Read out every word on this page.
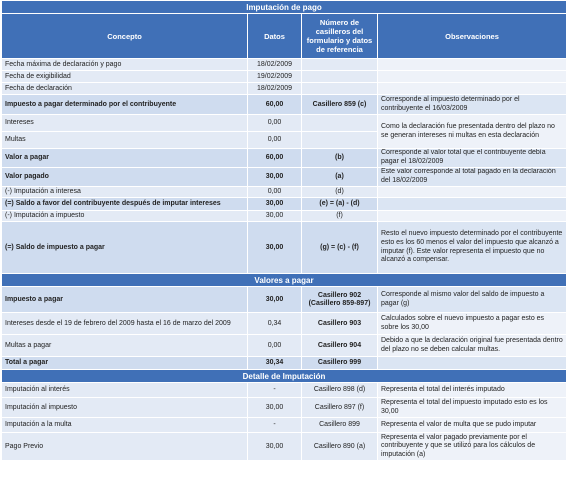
Imputación de pago			
Concepto	Datos	Número de casilleros del formulario y datos de referencia	Observaciones
Fecha máxima de declaración y pago	18/02/2009		
Fecha de exigibilidad	19/02/2009		
Fecha de declaración	18/02/2009		
Impuesto a pagar determinado por el contribuyente	60,00	Casillero 859 (c)	Corresponde al impuesto determinado por el contribuyente el 16/03/2009
Intereses	0,00		Como la declaración fue presentada dentro del plazo no se generan intereses ni multas en esta declaración
Multas	0,00		
Valor a pagar	60,00	(b)	Corresponde al valor total que el contribuyente debía pagar el 18/02/2009
Valor pagado	30,00	(a)	Este valor corresponde al total pagado en la declaración del 18/02/2009
(-) Imputación a interesa	0,00	(d)	
(=) Saldo a favor del contribuyente después de imputar intereses	30,00	(e) = (a) - (d)	
(-) Imputación a impuesto	30,00	(f)	
(=) Saldo de impuesto a pagar	30,00	(g) = (c) - (f)	Resto el nuevo impuesto determinado por el contribuyente esto es los 60 menos el valor del impuesto que alcanzó a imputar (f). Este valor representa el impuesto que no alcanzó a compensar.
Valores a pagar			
Impuesto a pagar	30,00	Casillero 902 (Casillero 859-897)	Corresponde al mismo valor del saldo de impuesto a pagar (g)
Intereses desde el 19 de febrero del 2009 hasta el 16 de marzo del 2009	0,34	Casillero 903	Calculados sobre el nuevo impuesto a pagar esto es sobre los 30,00
Multas a pagar	0,00	Casillero 904	Debido a que la declaración original fue presentada dentro del plazo no se deben calcular multas.
Total a pagar	30,34	Casillero 999	
Detalle de Imputación			
Imputación al interés	-	Casillero 898 (d)	Representa el total del interés imputado
Imputación al impuesto	30,00	Casillero 897 (f)	Representa el total del impuesto imputado esto es los 30,00
Imputación a la multa	-	Casillero 899	Representa el valor de multa que se pudo imputar
Pago Previo	30,00	Casillero 890 (a)	Representa el valor pagado previamente por el contribuyente y que se utilizó para los cálculos de imputación (a)
